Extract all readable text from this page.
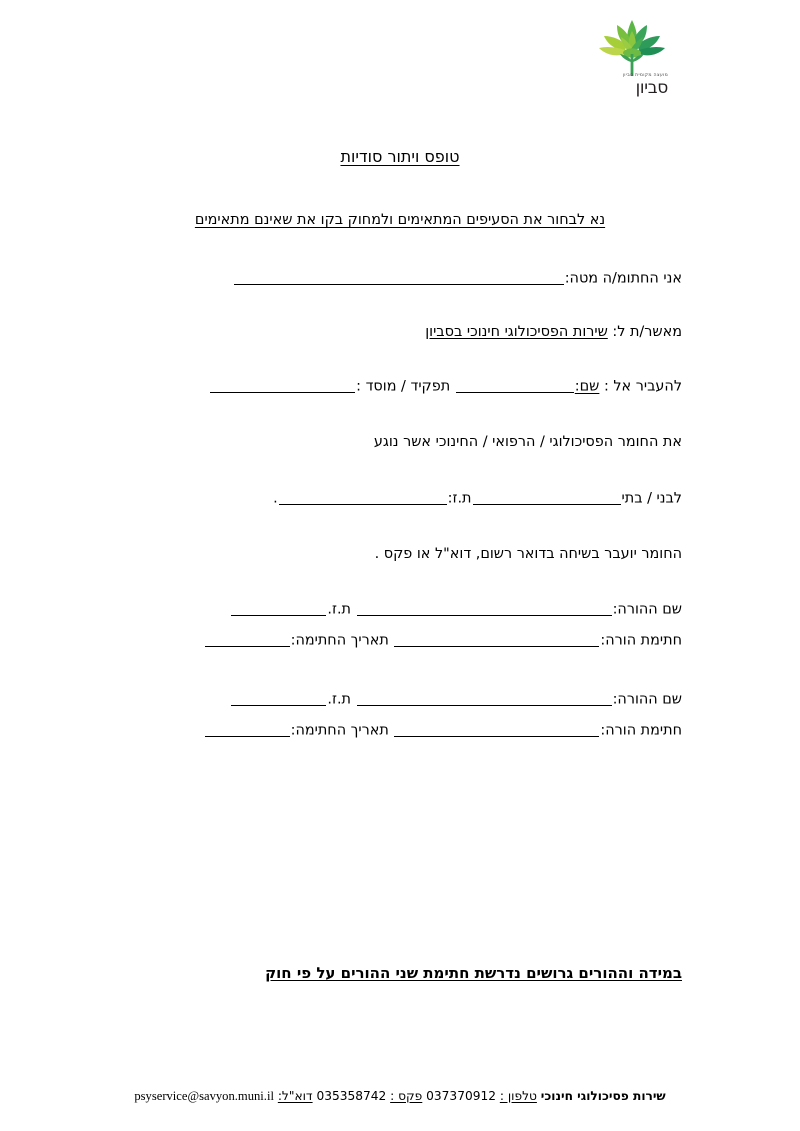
מועצה מקומית סביון
סביון
טופס ויתור סודיות
נא לבחור את הסעיפים המתאימים ולמחוק בקו את שאינם מתאימים
אני החתומ/ה מטה:
מאשר/ת ל: שירות הפסיכולוגי חינוכי בסביון
להעביר אל : שם: תפקיד / מוסד :
את החומר הפסיכולוגי / הרפואי / החינוכי אשר נוגע
לבני / בתית.ז:.
החומר יועבר בשיחה בדואר רשום, דוא"ל או פקס .
שם ההורה: ת.ז.
חתימת הורה: תאריך החתימה:
שם ההורה: ת.ז.
חתימת הורה: תאריך החתימה:
במידה וההורים גרושים נדרשת חתימת שני ההורים על פי חוק
שירות פסיכולוגי חינוכי טלפון : 037370912 פקס : 035358742 דוא"ל: psyservice@savyon.muni.il
